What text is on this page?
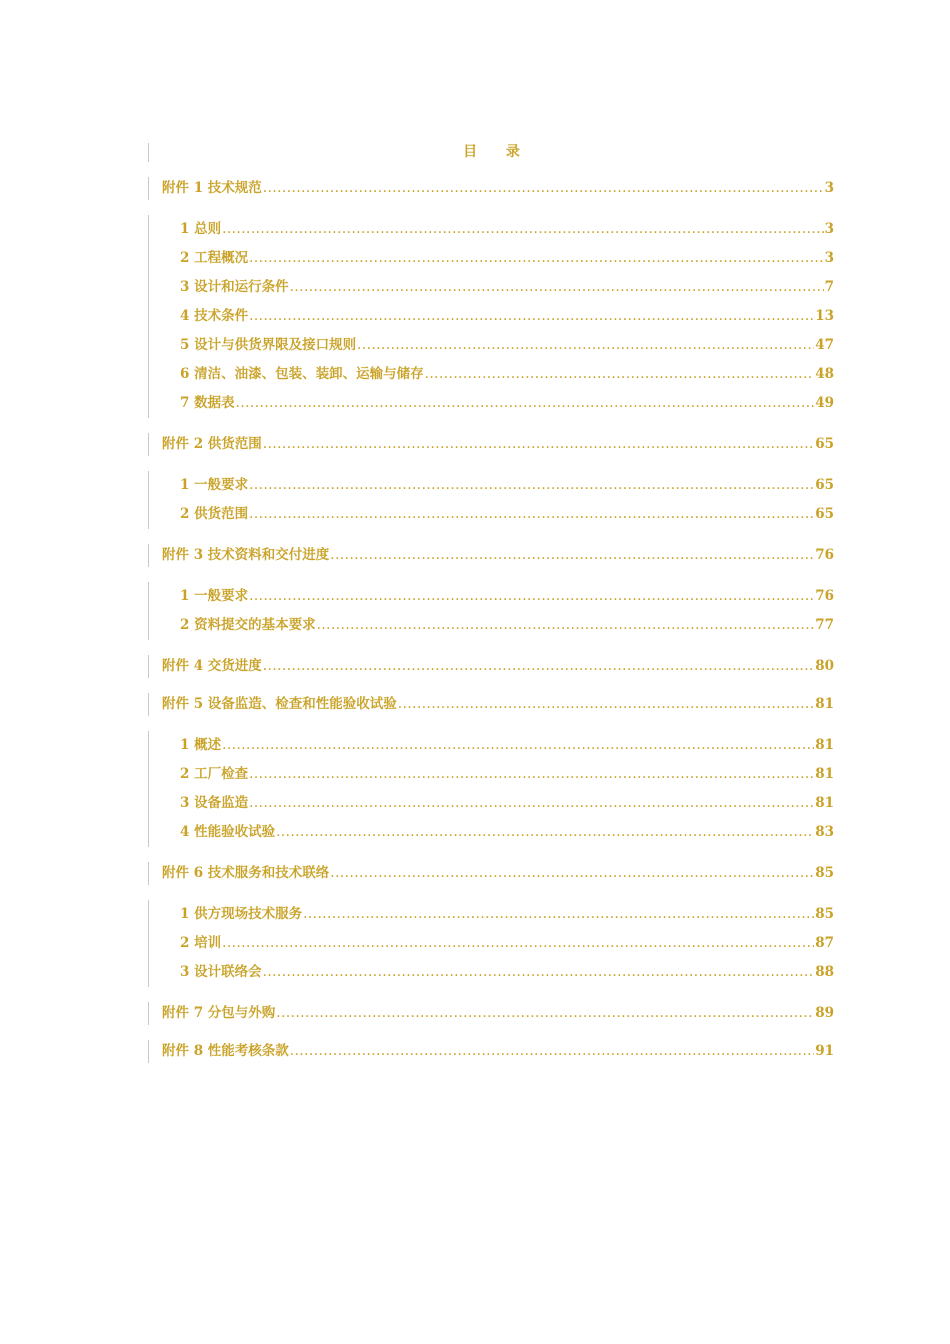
目 录
附件 1 技术规范 .....	3
1 总则 .....	3
2 工程概况 .....	3
3 设计和运行条件 .....	7
4 技术条件 .....	13
5 设计与供货界限及接口规则 .....	47
6 清洁、油漆、包装、装卸、运输与储存 .....	48
7 数据表 .....	49
附件 2 供货范围 .....	65
1 一般要求 .....	65
2 供货范围 .....	65
附件 3 技术资料和交付进度 .....	76
1 一般要求 .....	76
2 资料提交的基本要求 .....	77
附件 4 交货进度 .....	80
附件 5 设备监造、检查和性能验收试验 .....	81
1 概述 .....	81
2 工厂检查 .....	81
3 设备监造 .....	81
4 性能验收试验 .....	83
附件 6 技术服务和技术联络 .....	85
1 供方现场技术服务 .....	85
2 培训 .....	87
3 设计联络会 .....	88
附件 7 分包与外购 .....	89
附件 8 性能考核条款 .....	91
